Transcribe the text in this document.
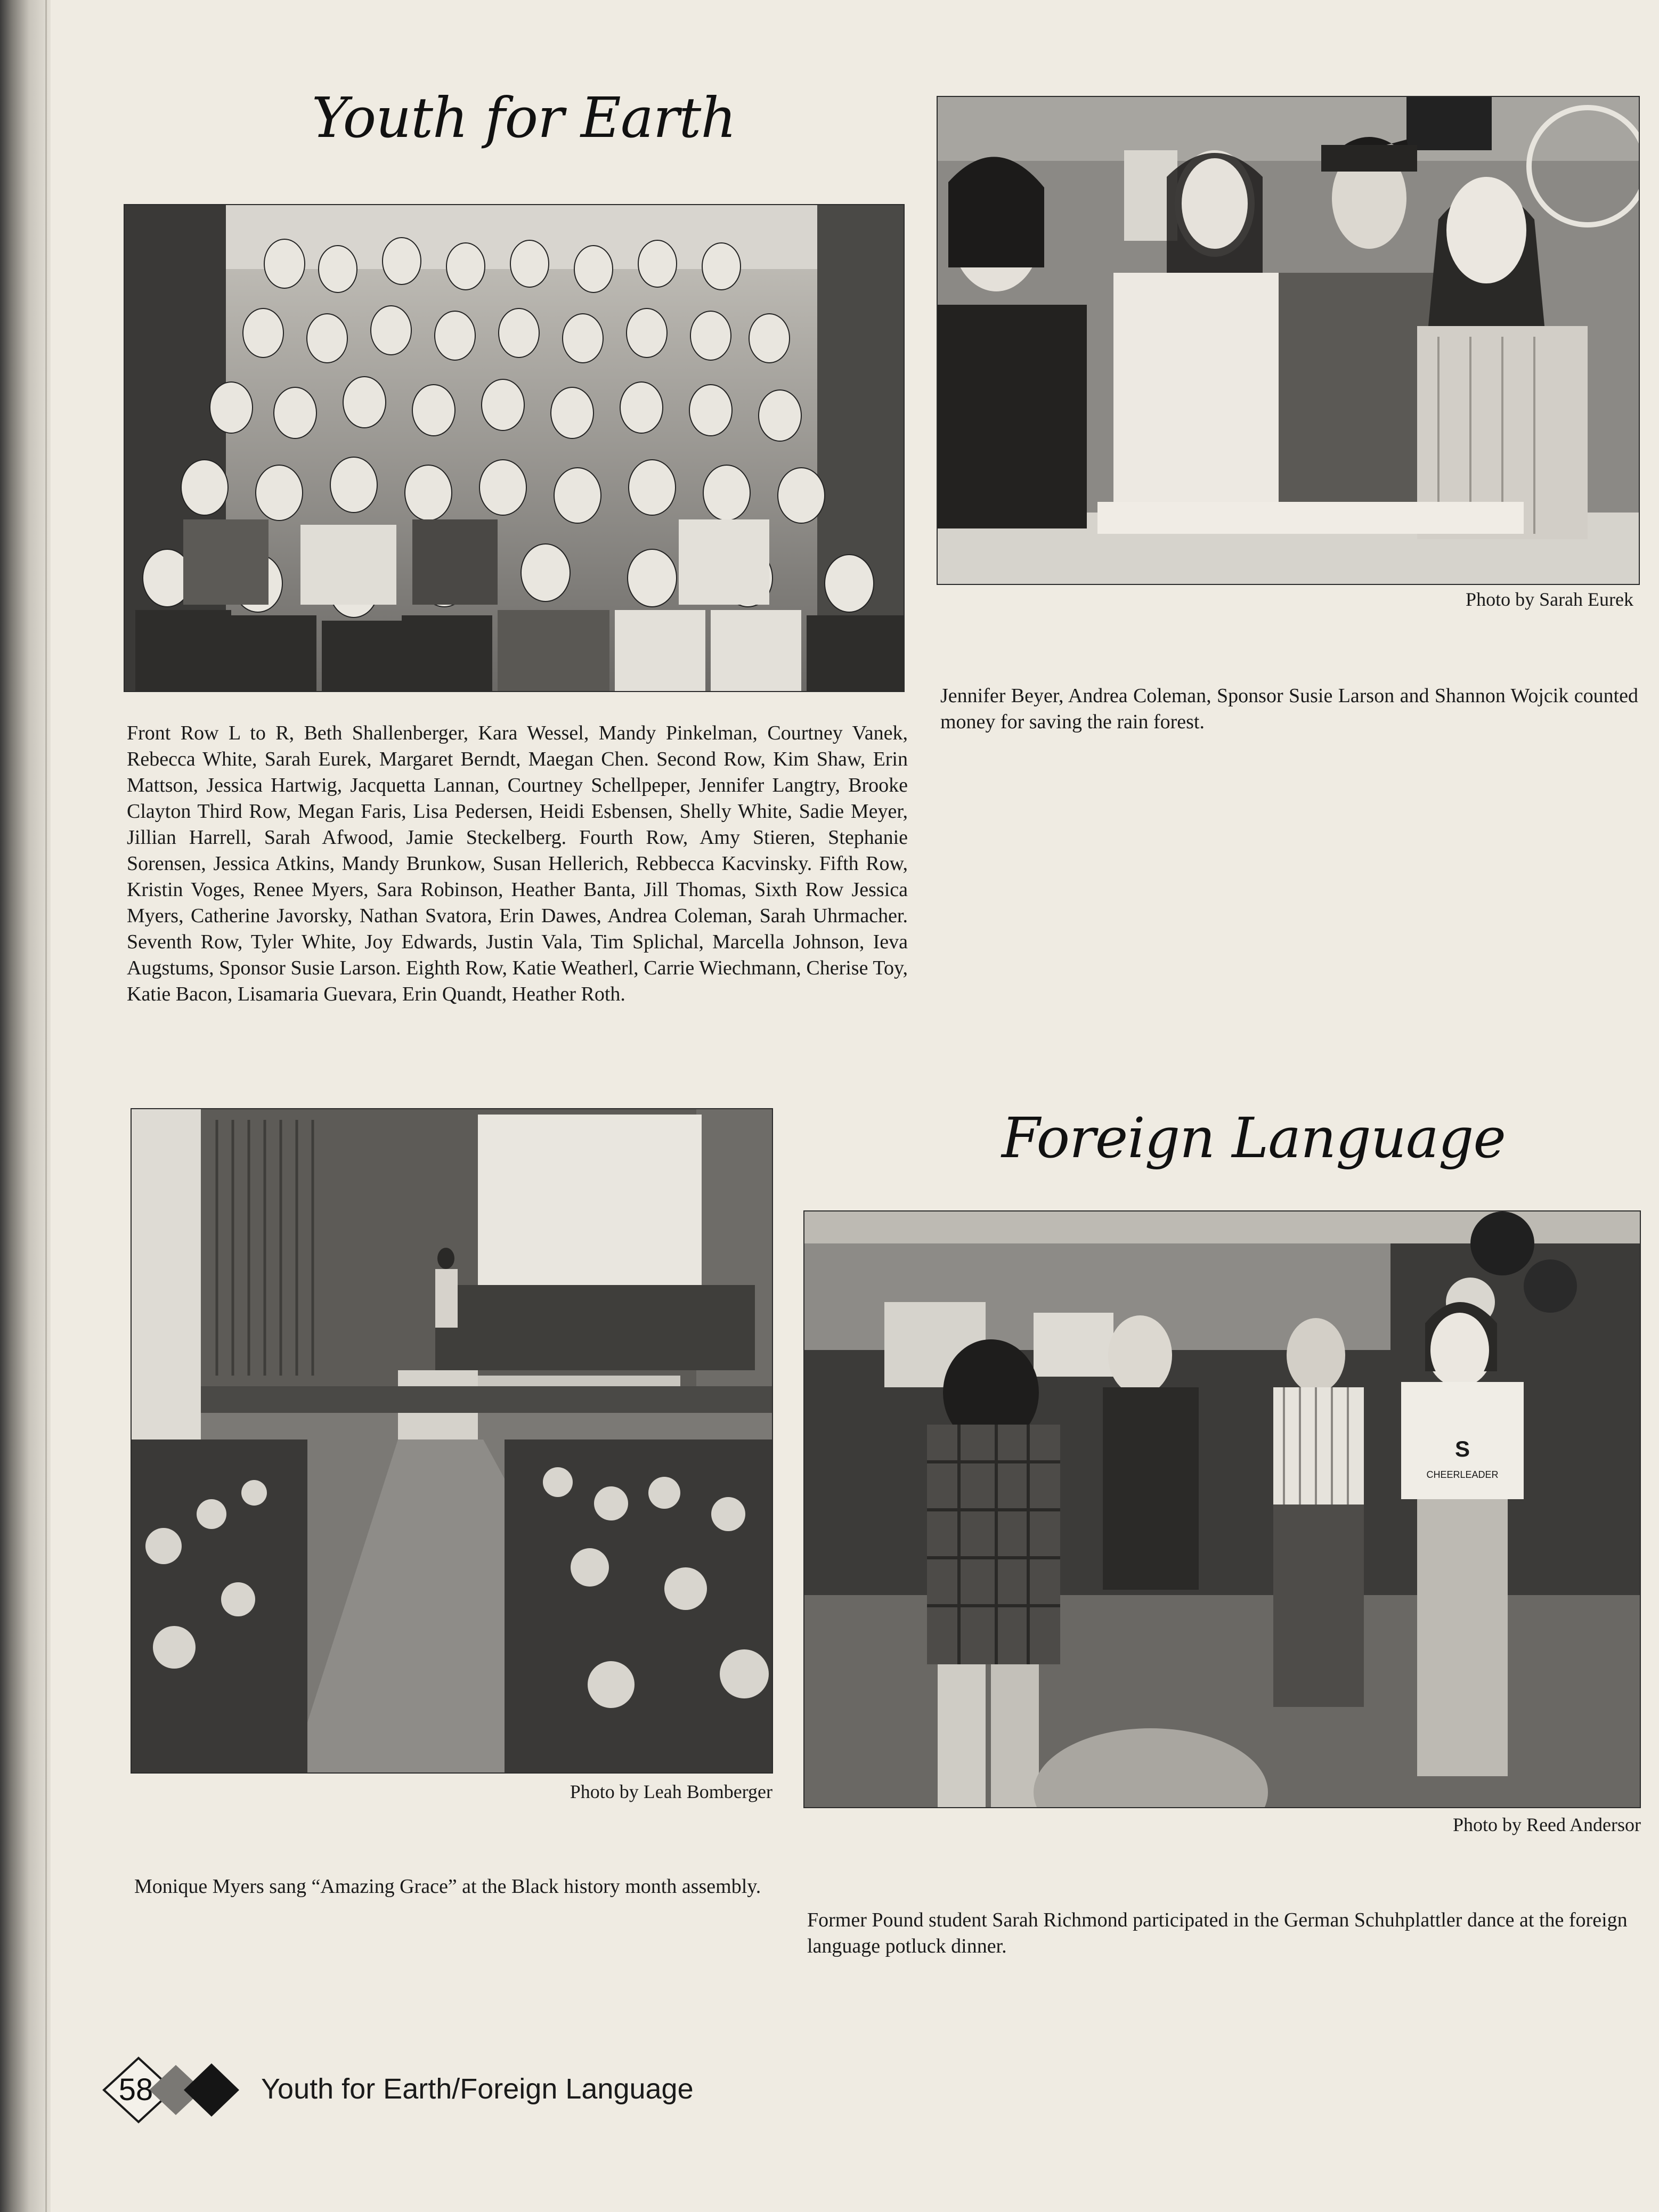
Youth for Earth

Photo by Sarah Eurek

Jennifer Beyer, Andrea Coleman, Sponsor Susie Larson and Shannon Wojcik counted money for saving the rain forest.

Front Row L to R, Beth Shallenberger, Kara Wessel, Mandy Pinkelman, Courtney Vanek, Rebecca White, Sarah Eurek, Margaret Berndt, Maegan Chen. Second Row, Kim Shaw, Erin Mattson, Jessica Hartwig, Jacquetta Lannan, Courtney Schellpeper, Jennifer Langtry, Brooke Clayton Third Row, Megan Faris, Lisa Pedersen, Heidi Esbensen, Shelly White, Sadie Meyer, Jillian Harrell, Sarah Afwood, Jamie Steckelberg. Fourth Row, Amy Stieren, Stephanie Sorensen, Jessica Atkins, Mandy Brunkow, Susan Hellerich, Rebbecca Kacvinsky. Fifth Row, Kristin Voges, Renee Myers, Sara Robinson, Heather Banta, Jill Thomas, Sixth Row Jessica Myers, Catherine Javorsky, Nathan Svatora, Erin Dawes, Andrea Coleman, Sarah Uhrmacher. Seventh Row, Tyler White, Joy Edwards, Justin Vala, Tim Splichal, Marcella Johnson, Ieva Augstums, Sponsor Susie Larson. Eighth Row, Katie Weatherl, Carrie Wiechmann, Cherise Toy, Katie Bacon, Lisamaria Guevara, Erin Quandt, Heather Roth.

Photo by Leah Bomberger

Monique Myers sang “Amazing Grace” at the Black history month assembly.

Foreign Language
S
CHEERLEADER

Photo by Reed Andersor

Former Pound student Sarah Richmond participated in the German Schuhplattler dance at the foreign language potluck dinner.

58	Youth for Earth/Foreign Language
